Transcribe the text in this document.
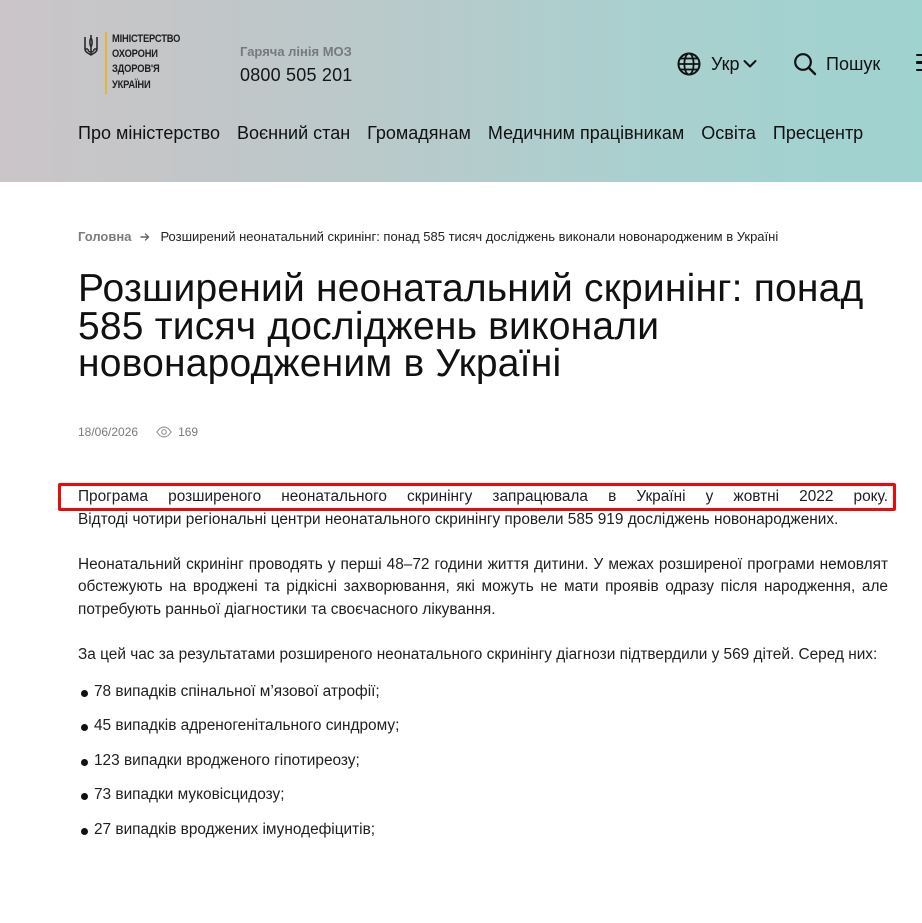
МІНІСТЕРСТВО
ОХОРОНИ
ЗДОРОВ'Я
УКРАЇНИ
Гаряча лінія МОЗ
0800 505 201
Укр	Пошук
Про міністерство Воєнний стан Громадянам Медичним працівникам Освіта Пресцентр
Головна Розширений неонатальний скринінг: понад 585 тисяч досліджень виконали новонародженим в Україні
Розширений неонатальний скринінг: понад 585 тисяч досліджень виконали новонародженим в Україні
18/06/2026	169

Програма розширеного неонатального скринінгу запрацювала в Україні у жовтні 2022 року.
Відтоді чотири регіональні центри неонатального скринінгу провели 585 919 досліджень новонароджених.

Неонатальний скринінг проводять у перші 48–72 години життя дитини. У межах розширеної програми немовлят обстежують на вроджені та рідкісні захворювання, які можуть не мати проявів одразу після народження, але потребують ранньої діагностики та своєчасного лікування.

За цей час за результатами розширеного неонатального скринінгу діагнози підтвердили у 569 дітей. Серед них:

78 випадків спінальної м’язової атрофії;
45 випадків адреногенітального синдрому;
123 випадки вродженого гіпотиреозу;
73 випадки муковісцидозу;
27 випадків вроджених імунодефіцитів;
